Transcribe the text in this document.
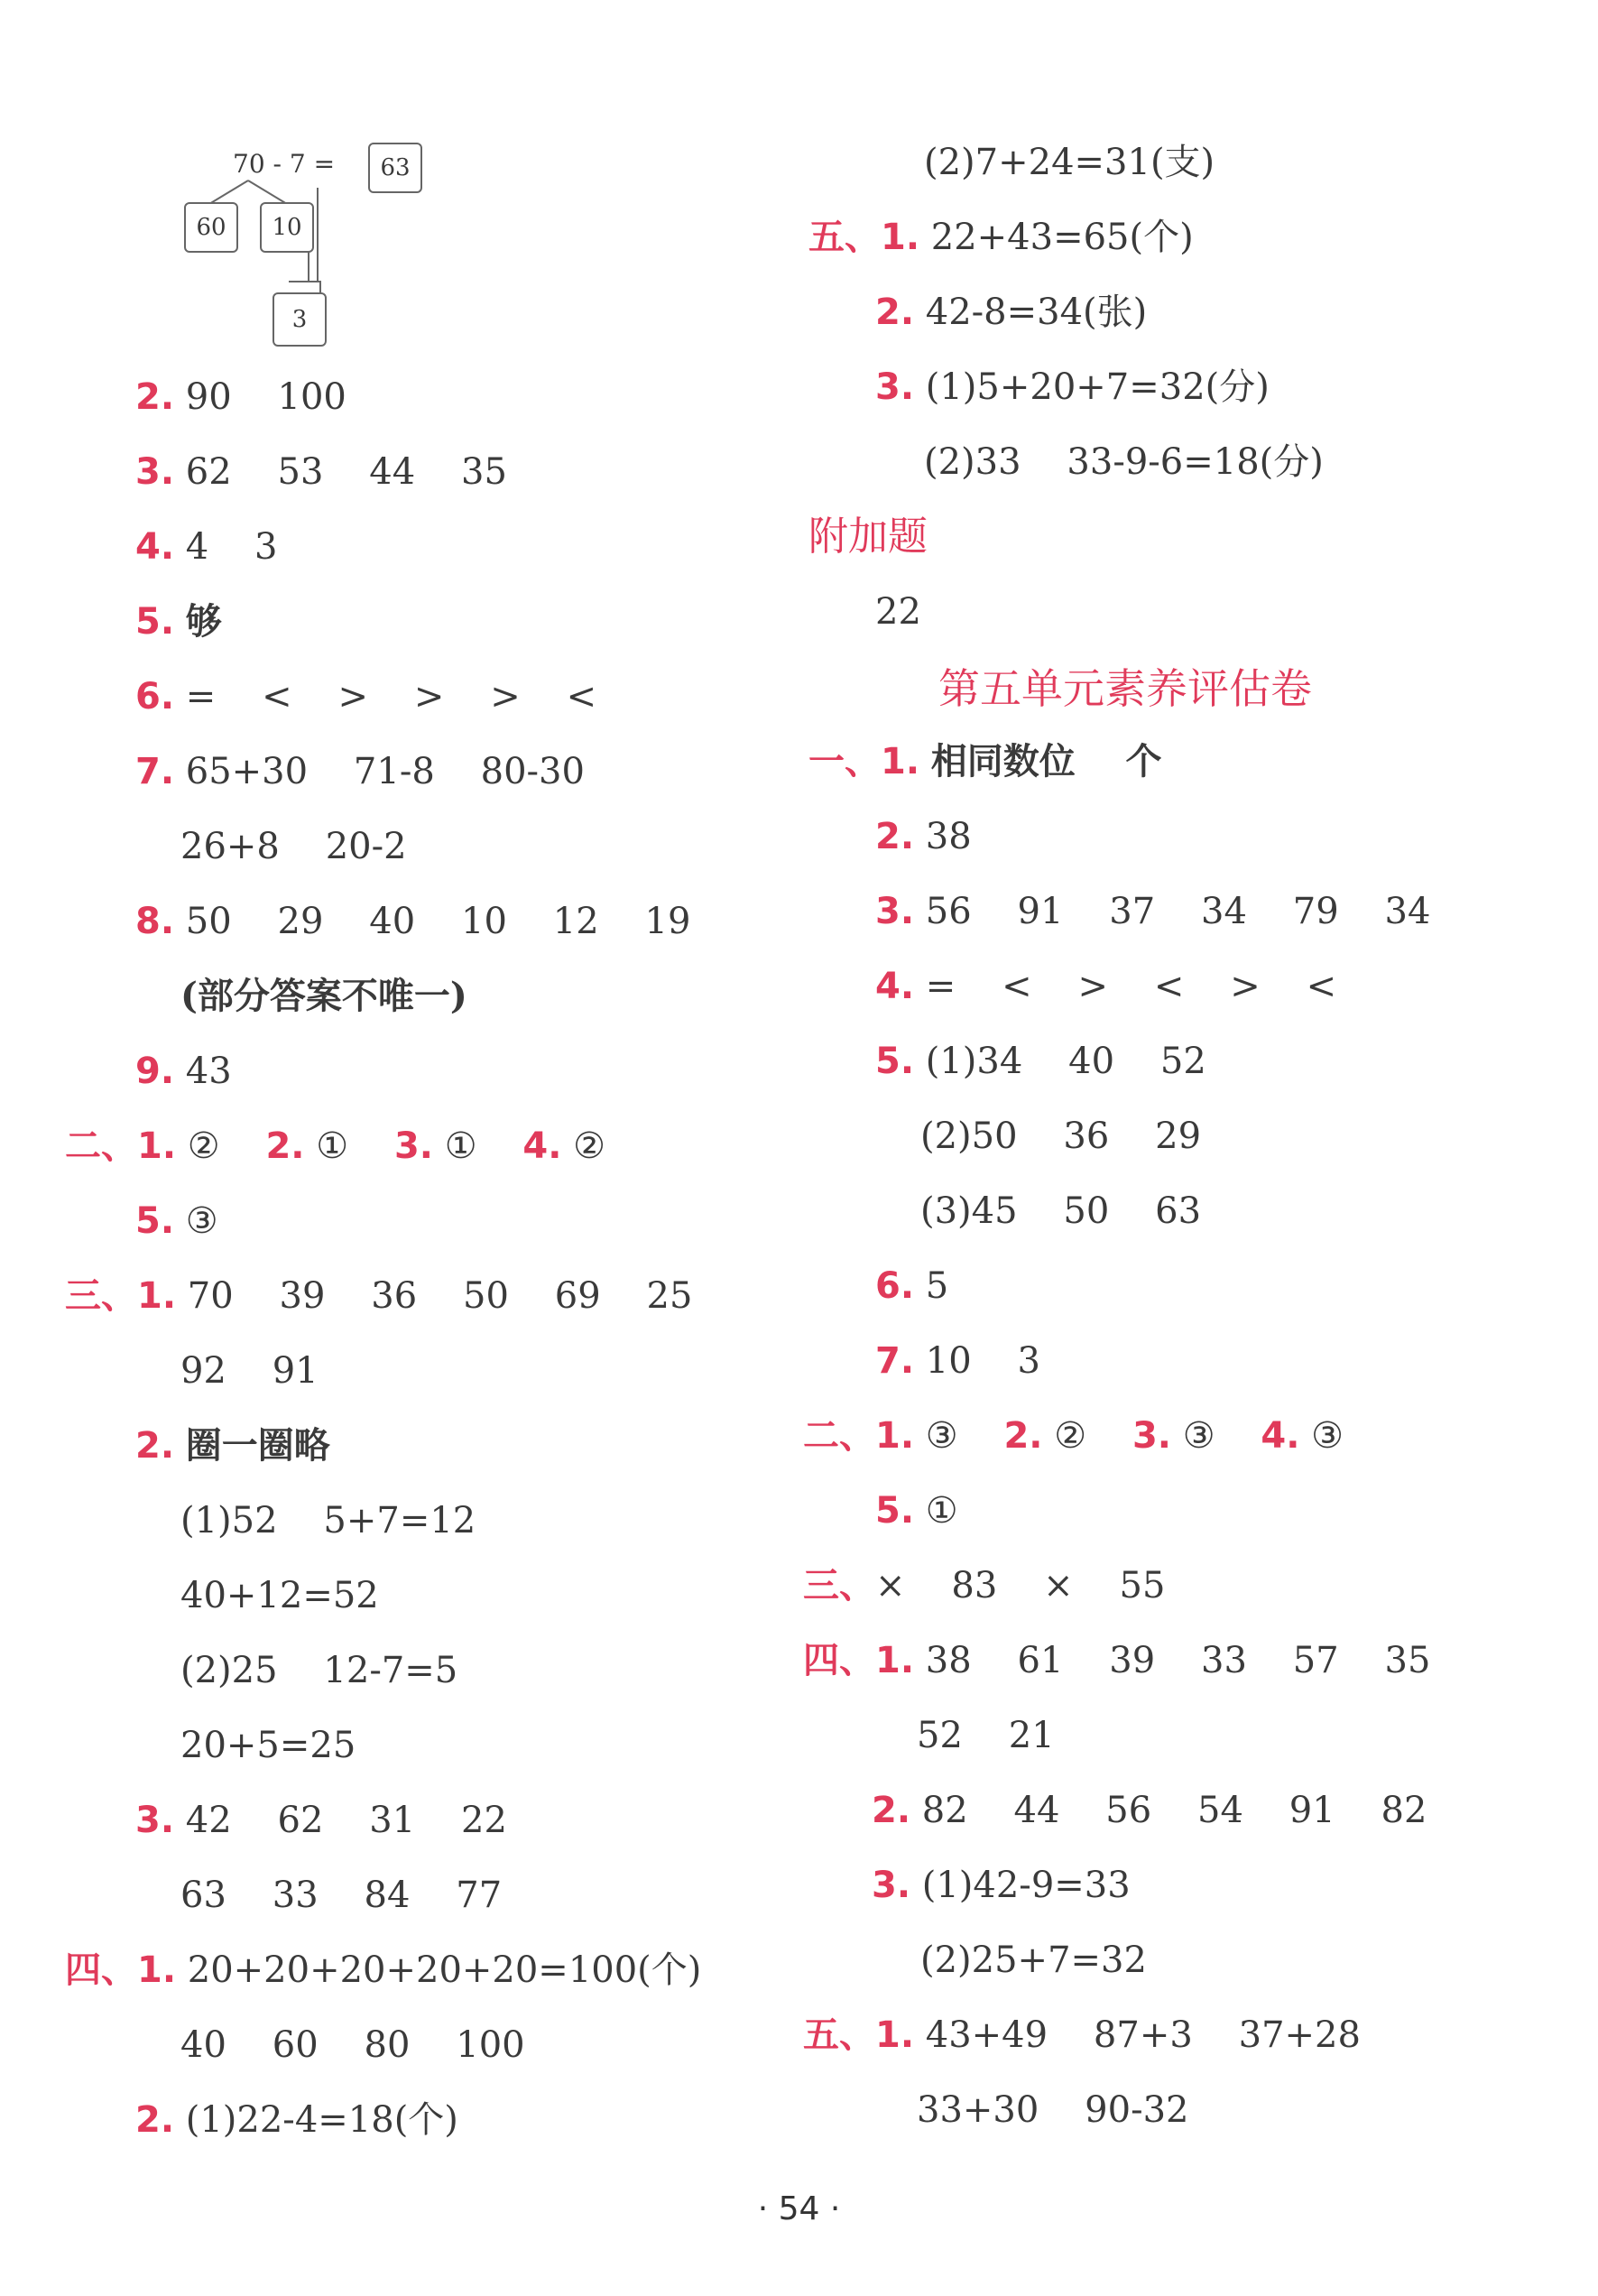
70 - 7 =	63
60	10
3
2. 90    100
3. 62    53    44    35
4. 4    3
5. 够
6. =    <    >    >    >    <
7. 65+30    71-8    80-30
26+8    20-2
8. 50    29    40    10    12    19
(部分答案不唯一)
9. 43
二、1. ②    2. ①    3. ①    4. ②
5. ③
三、1. 70    39    36    50    69    25
92    91
2. 圈一圈略
(1)52    5+7=12
40+12=52
(2)25    12-7=5
20+5=25
3. 42    62    31    22
63    33    84    77
四、1. 20+20+20+20+20=100(个)
40    60    80    100
2. (1)22-4=18(个)
(2)7+24=31(支)
五、1. 22+43=65(个)
2. 42-8=34(张)
3. (1)5+20+7=32(分)
(2)33    33-9-6=18(分)
附加题
22
第五单元素养评估卷
一、1. 相同数位    个
2. 38
3. 56    91    37    34    79    34
4. =    <    >    <    >    <
5. (1)34    40    52
(2)50    36    29
(3)45    50    63
6. 5
7. 10    3
二、1. ③    2. ②    3. ③    4. ③
5. ①
三、×    83    ×    55
四、1. 38    61    39    33    57    35
52    21
2. 82    44    56    54    91    82
3. (1)42-9=33
(2)25+7=32
五、1. 43+49    87+3    37+28
33+30    90-32
· 54 ·
